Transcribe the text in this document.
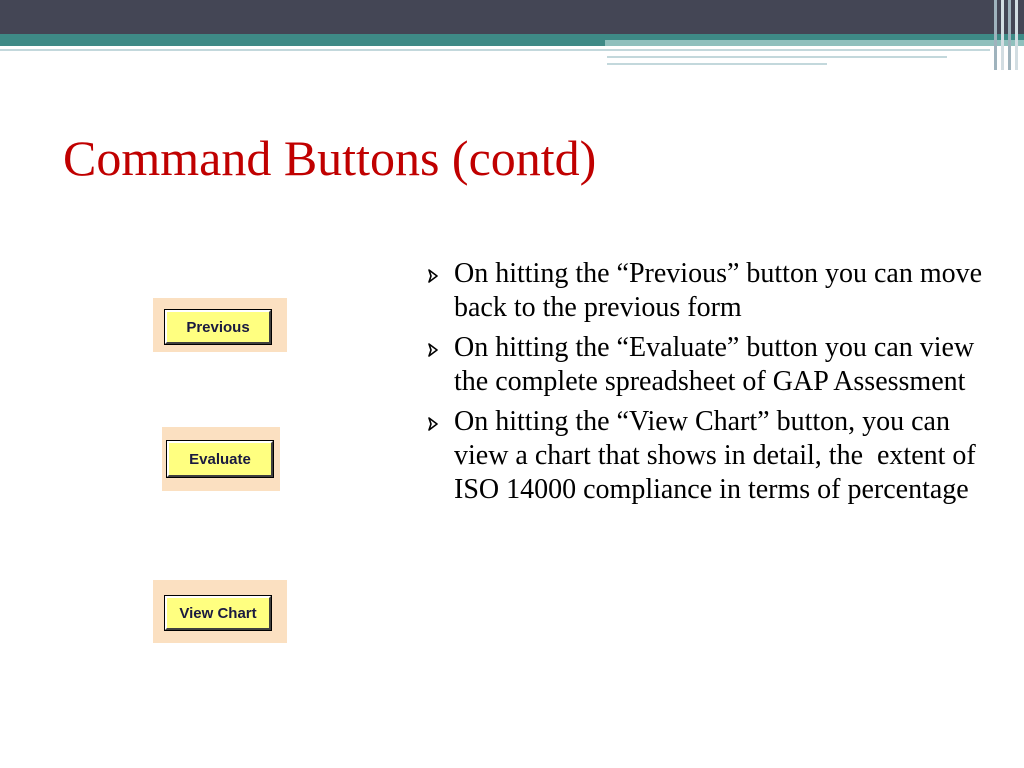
Command Buttons (contd)
Previous
Evaluate
View Chart
On hitting the “Previous” button you can move back to the previous form
On hitting the “Evaluate” button you can view the complete spreadsheet of GAP Assessment
On hitting the “View Chart” button, you can view a chart that shows in detail, the  extent of ISO 14000 compliance in terms of percentage
